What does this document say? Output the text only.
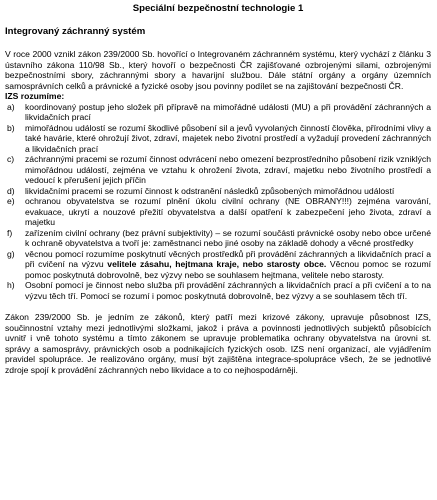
Speciální bezpečnostní technologie 1
Integrovaný záchranný systém

V roce 2000 vznikl zákon 239/2000 Sb. hovořící o Integrovaném záchranném systému, který vychází z článku 3 ústavního zákona 110/98 Sb., který hovoří o bezpečnosti ČR zajišťované ozbrojenými silami, ozbrojenými bezpečnostními sbory, záchrannými sbory a havarijní službou. Dále státní orgány a orgány územních samosprávních celků a právnické a fyzické osoby jsou povinny podílet se na zajištování bezpečnosti ČR.

IZS rozumíme:
a)	koordinovaný postup jeho složek při přípravě na mimořádné události (MU) a při provádění záchranných a likvidačních prací
b)	mimořádnou událostí se rozumí škodlivé působení sil a jevů vyvolaných činností člověka, přírodními vlivy a také havárie, které ohrožují život, zdraví, majetek nebo životní prostředí a vyžadují provedení záchranných a likvidačních prací
c)	záchrannými pracemi se rozumí činnost odvrácení nebo omezení bezprostředního působení rizik vzniklých mimořádnou událostí, zejména ve vztahu k ohrožení života, zdraví, majetku nebo životního prostředí a vedoucí k přerušení jejich příčin
d)	likvidačními pracemi se rozumí činnost k odstranění následků způsobených mimořádnou událostí
e)	ochranou obyvatelstva se rozumí plnění úkolu civilní ochrany (NE OBRANY!!!) zejména varování, evakuace, ukrytí a nouzové přežití obyvatelstva a další opatření k zabezpečení jeho života, zdraví a majetku
f)	zařízením civilní ochrany (bez právní subjektivity) – se rozumí součásti právnické osoby nebo obce určené k ochraně obyvatelstva a tvoří je: zaměstnanci nebo jiné osoby na základě dohody a věcné prostředky
g)	věcnou pomocí rozumíme poskytnutí věcných prostředků při provádění záchranných a likvidačních prací a při cvičení na výzvu velitele zásahu, hejtmana kraje, nebo starosty obce. Věcnou pomoc se rozumí pomoc poskytnutá dobrovolně, bez výzvy nebo se souhlasem hejtmana, velitele nebo starosty.
h)	Osobní pomocí je činnost nebo služba při provádění záchranných a likvidačních prací a při cvičení a to na výzvu těch tří. Pomocí se rozumí i pomoc poskytnutá dobrovolně, bez výzvy a se souhlasem těch tří.

Zákon 239/2000 Sb. je jedním ze zákonů, který patří mezi krizové zákony, upravuje působnost IZS, součinnostní vztahy mezi jednotlivými složkami, jakož i práva a povinnosti jednotlivých subjektů působících uvnitř i vně tohoto systému a tímto zákonem se upravuje problematika ochrany obyvatelstva na úrovni st. správy a samosprávy, právnických osob a podnikajících fyzických osob. IZS není organizací, ale vyjádřením pravidel spolupráce. Je realizováno orgány, musí být zajištěna integrace-spolupráce všech, že se jednotlivé zdroje spojí k provádění záchranných nebo likvidace a to co nejhospodárněji.
